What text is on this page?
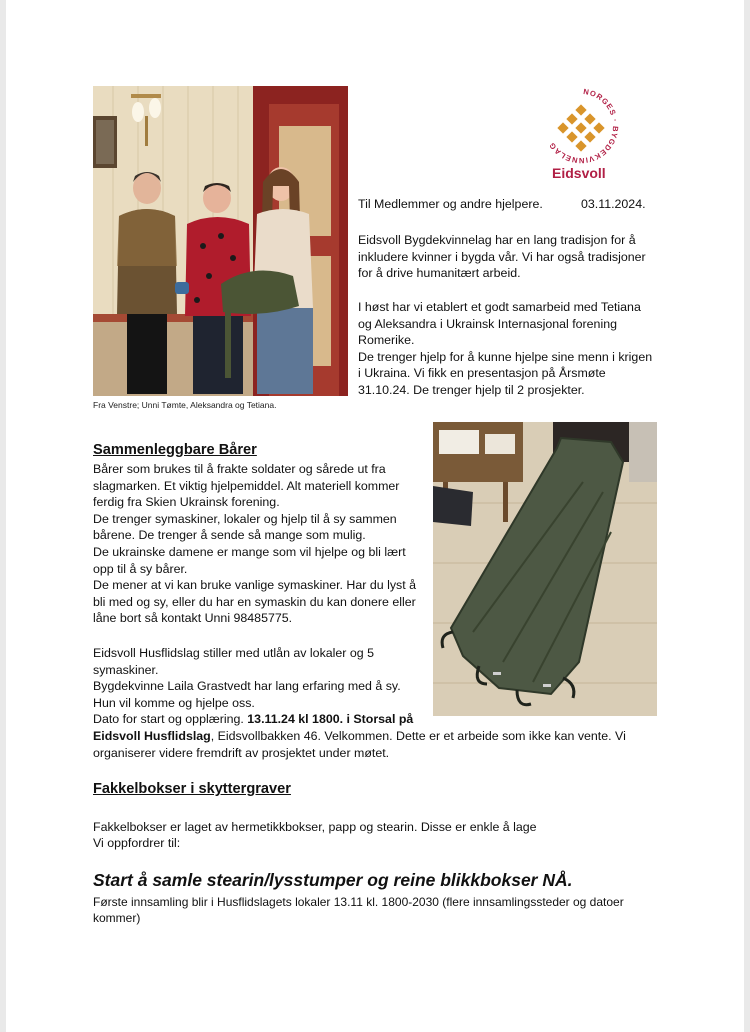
Fra Venstre; Unni Tømte, Aleksandra og Tetiana.
NORGES · BYGDEKVINNELAG
Eidsvoll
Til Medlemmer og andre hjelpere.	03.11.2024.

Eidsvoll Bygdekvinnelag har en lang tradisjon for å

inkludere kvinner i bygda vår. Vi har også tradisjoner

for å drive humanitært arbeid.

I høst har vi etablert et godt samarbeid med Tetiana

og Aleksandra i Ukrainsk Internasjonal forening

Romerike.

De trenger hjelp for å kunne hjelpe sine menn i krigen

i Ukraina. Vi fikk en presentasjon på Årsmøte

31.10.24. De trenger hjelp til 2 prosjekter.

Sammenleggbare Bårer

Bårer som brukes til å frakte soldater og sårede ut fra

slagmarken. Et viktig hjelpemiddel. Alt materiell kommer

ferdig fra Skien Ukrainsk forening.

De trenger symaskiner, lokaler og hjelp til å sy sammen

bårene. De trenger å sende så mange som mulig.

De ukrainske damene er mange som vil hjelpe og bli lært

opp til å sy bårer.

De mener at vi kan bruke vanlige symaskiner. Har du lyst å

bli med og sy, eller du har en symaskin du kan donere eller

låne bort så kontakt Unni 98485775.

Eidsvoll Husflidslag stiller med utlån av lokaler og 5

symaskiner.

Bygdekvinne Laila Grastvedt har lang erfaring med å sy.

Hun vil komme og hjelpe oss.

Dato for start og opplæring. 13.11.24 kl 1800. i Storsal på

Eidsvoll Husflidslag, Eidsvollbakken 46. Velkommen. Dette er et arbeide som ikke kan vente. Vi
organiserer videre fremdrift av prosjektet under møtet.
Fakkelbokser i skyttergraver
Fakkelbokser er laget av hermetikkbokser, papp og stearin. Disse er enkle å lage
Vi oppfordrer til:
Start å samle stearin/lysstumper og reine blikkbokser NÅ.
Første innsamling blir i Husflidslagets lokaler 13.11 kl. 1800-2030 (flere innsamlingssteder og datoer
kommer)
